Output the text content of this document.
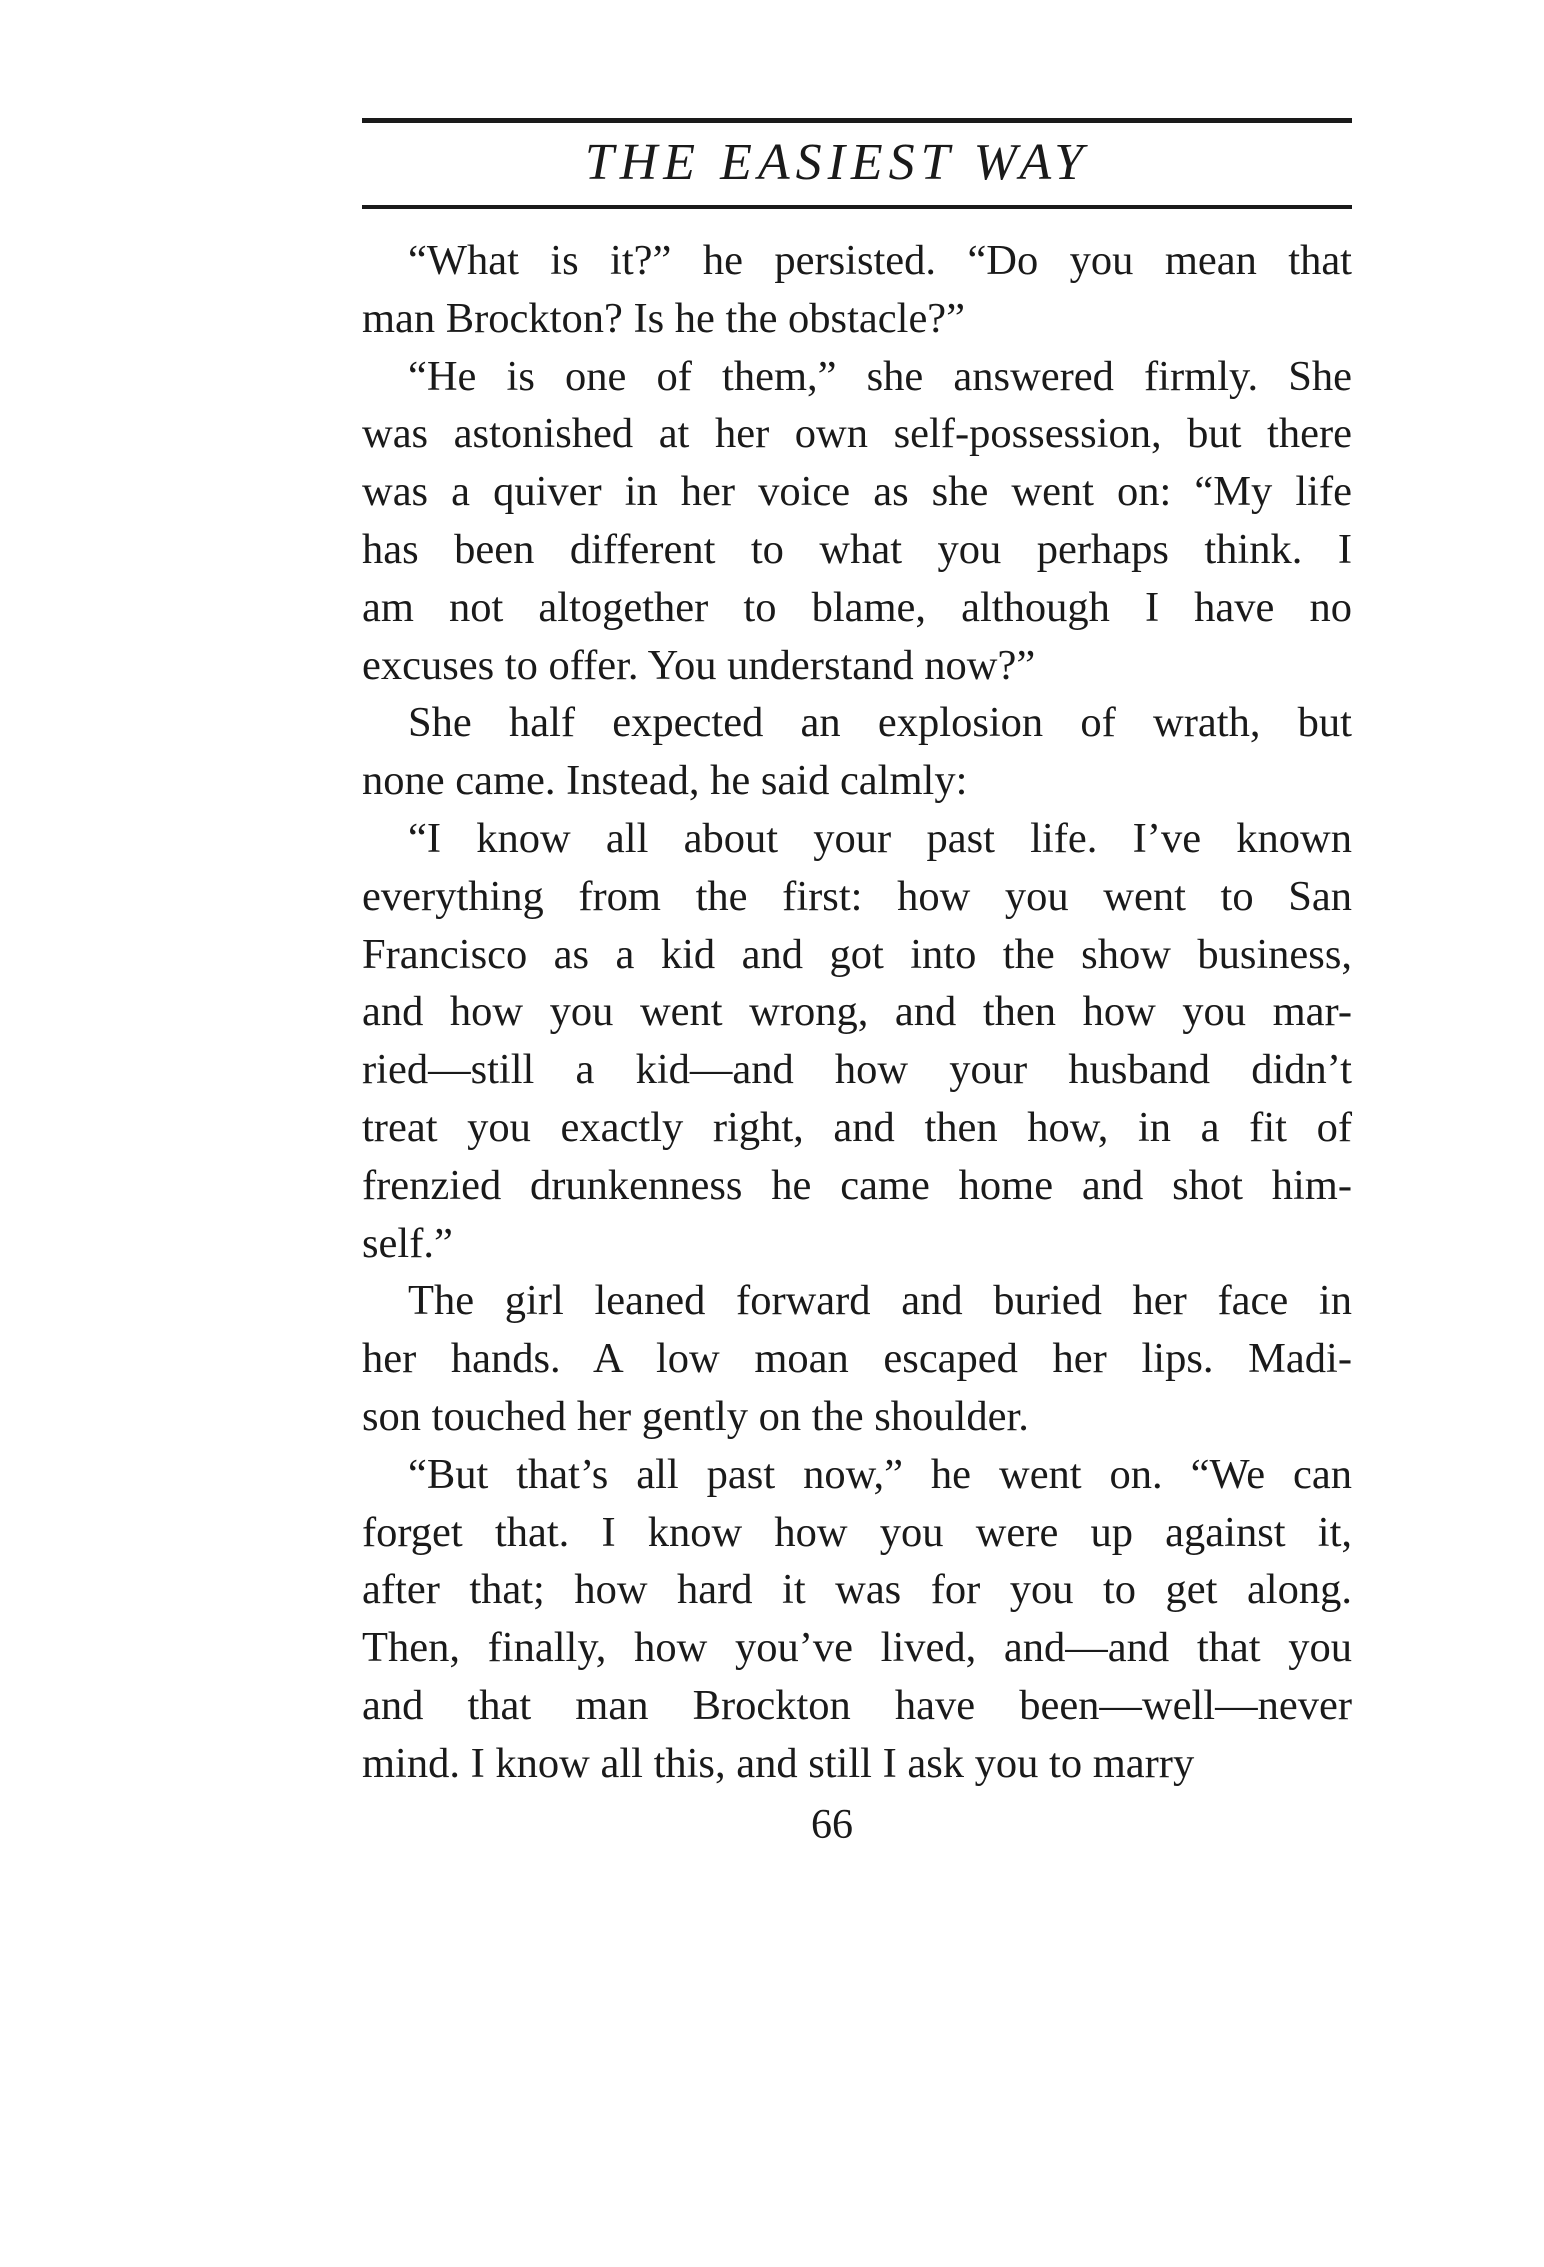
THE EASIEST WAY
“What is it?” he persisted. “Do you mean that
man Brockton? Is he the obstacle?”
“He is one of them,” she answered firmly. She
was astonished at her own self-possession, but there
was a quiver in her voice as she went on: “My life
has been different to what you perhaps think. I
am not altogether to blame, although I have no
excuses to offer. You understand now?”
She half expected an explosion of wrath, but
none came. Instead, he said calmly:
“I know all about your past life. I’ve known
everything from the first: how you went to San
Francisco as a kid and got into the show business,
and how you went wrong, and then how you mar-
ried—still a kid—and how your husband didn’t
treat you exactly right, and then how, in a fit of
frenzied drunkenness he came home and shot him-
self.”
The girl leaned forward and buried her face in
her hands. A low moan escaped her lips. Madi-
son touched her gently on the shoulder.
“But that’s all past now,” he went on. “We can
forget that. I know how you were up against it,
after that; how hard it was for you to get along.
Then, finally, how you’ve lived, and—and that you
and that man Brockton have been—well—never
mind. I know all this, and still I ask you to marry
66
